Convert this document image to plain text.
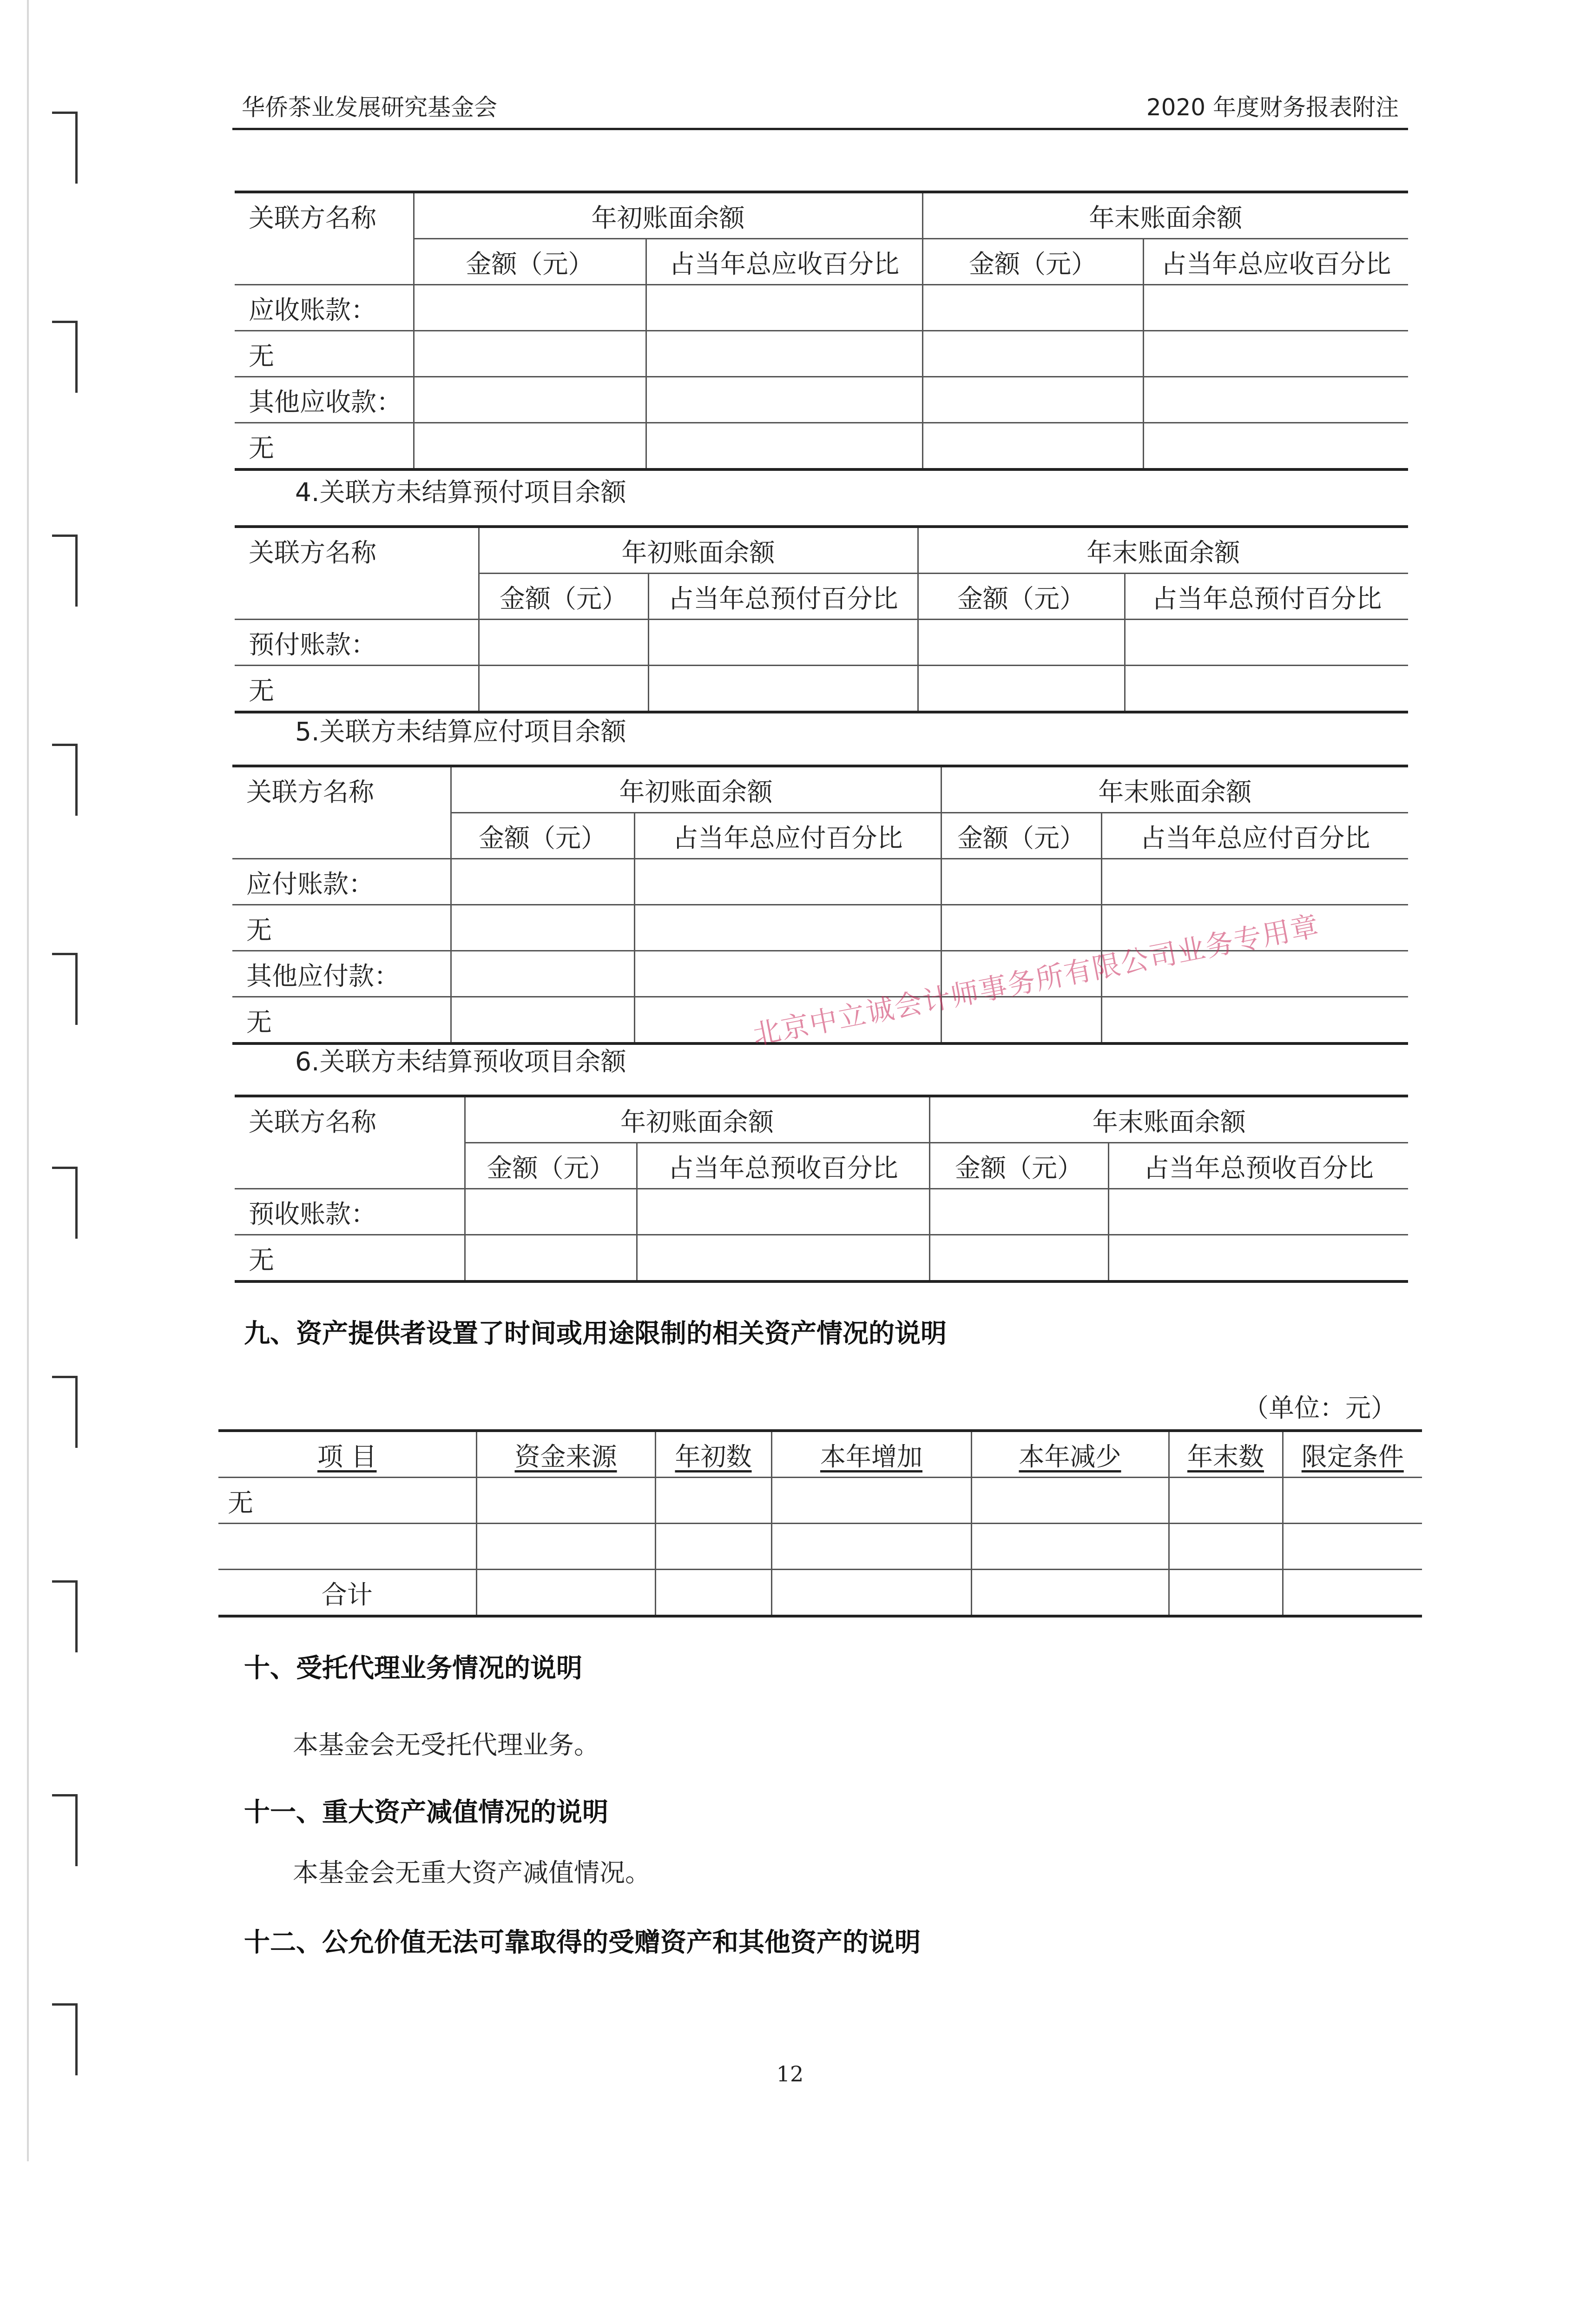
华侨茶业发展研究基金会	2020 年度财务报表附注
关联方名称	年初账面余额		年末账面余额	
	金额（元）	占当年总应收百分比	金额（元）	占当年总应收百分比
应收账款：				
无				
其他应收款：				
无				
4.关联方未结算预付项目余额
关联方名称	年初账面余额		年末账面余额	
	金额（元）	占当年总预付百分比	金额（元）	占当年总预付百分比
预付账款：				
无				
5.关联方未结算应付项目余额
关联方名称	年初账面余额		年末账面余额	
	金额（元）	占当年总应付百分比	金额（元）	占当年总应付百分比
应付账款：				
无				
其他应付款：				
无					北京中立诚会计师事务所有限公司业务专用章
6.关联方未结算预收项目余额
关联方名称	年初账面余额		年末账面余额	
	金额（元）	占当年总预收百分比	金额（元）	占当年总预收百分比
预收账款：				
无				
九、资产提供者设置了时间或用途限制的相关资产情况的说明
（单位：元）
项 目	资金来源	年初数	本年增加	本年减少	年末数	限定条件
无						

合计						
十、受托代理业务情况的说明
本基金会无受托代理业务。
十一、重大资产减值情况的说明
本基金会无重大资产减值情况。
十二、公允价值无法可靠取得的受赠资产和其他资产的说明
12
